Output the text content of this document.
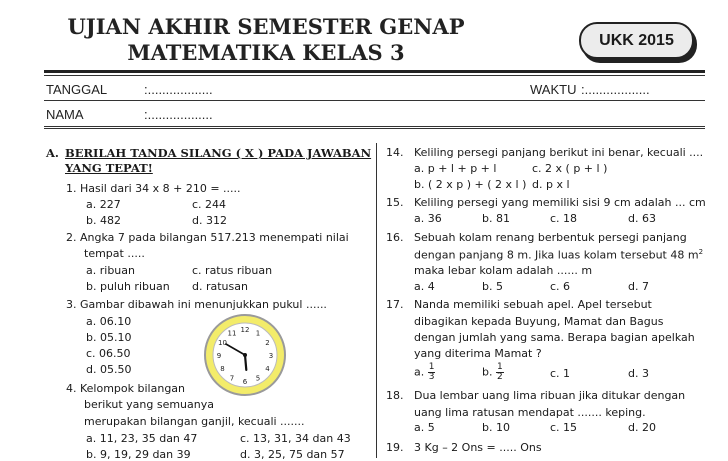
UJIAN AKHIR SEMESTER GENAP
MATEMATIKA KELAS 3	UKK 2015
TANGGAL	:..................	WAKTU :..................
NAMA	:..................
A. BERILAH TANDA SILANG ( X ) PADA JAWABAN
YANG TEPAT!
1. Hasil dari 34 x 8 + 210 = .....
a. 227	c. 244
b. 482	d. 312
2. Angka 7 pada bilangan 517.213 menempati nilai
tempat .....
a. ribuan	c. ratus ribuan
b. puluh ribuan d. ratusan
3. Gambar dibawah ini menunjukkan pukul ......
a. 06.10
b. 05.10
c. 06.50
d. 05.50
12 1
2
3
4
5
6
7
8
9
10
11
4. Kelompok bilangan
berikut yang semuanya
merupakan bilangan ganjil, kecuali .......
a. 11, 23, 35 dan 47	c. 13, 31, 34 dan 43
b. 9, 19, 29 dan 39	d. 3, 25, 75 dan 57
14. Keliling persegi panjang berikut ini benar, kecuali ....
a. p + l + p + l	c. 2 x ( p + l )
b. ( 2 x p ) + ( 2 x l ) d. p x l
15. Keliling persegi yang memiliki sisi 9 cm adalah ... cm
a. 36	b. 81	c. 18	d. 63
16. Sebuah kolam renang berbentuk persegi panjang
dengan panjang 8 m. Jika luas kolam tersebut 48 $m^2$
maka lebar kolam adalah ...... m
a. 4	b. 5	c. 6	d. 7
17. Nanda memiliki sebuah apel. Apel tersebut
dibagikan kepada Buyung, Mamat dan Bagus
dengan jumlah yang sama. Berapa bagian apelkah
yang diterima Mamat ?
a. $\frac{1}{3}$	b. $\frac{1}{2}$	c. 1	d. 3
18. Dua lembar uang lima ribuan jika ditukar dengan
uang lima ratusan mendapat ....... keping.
a. 5	b. 10	c. 15	d. 20
19. 3 Kg – 2 Ons = ..... Ons
